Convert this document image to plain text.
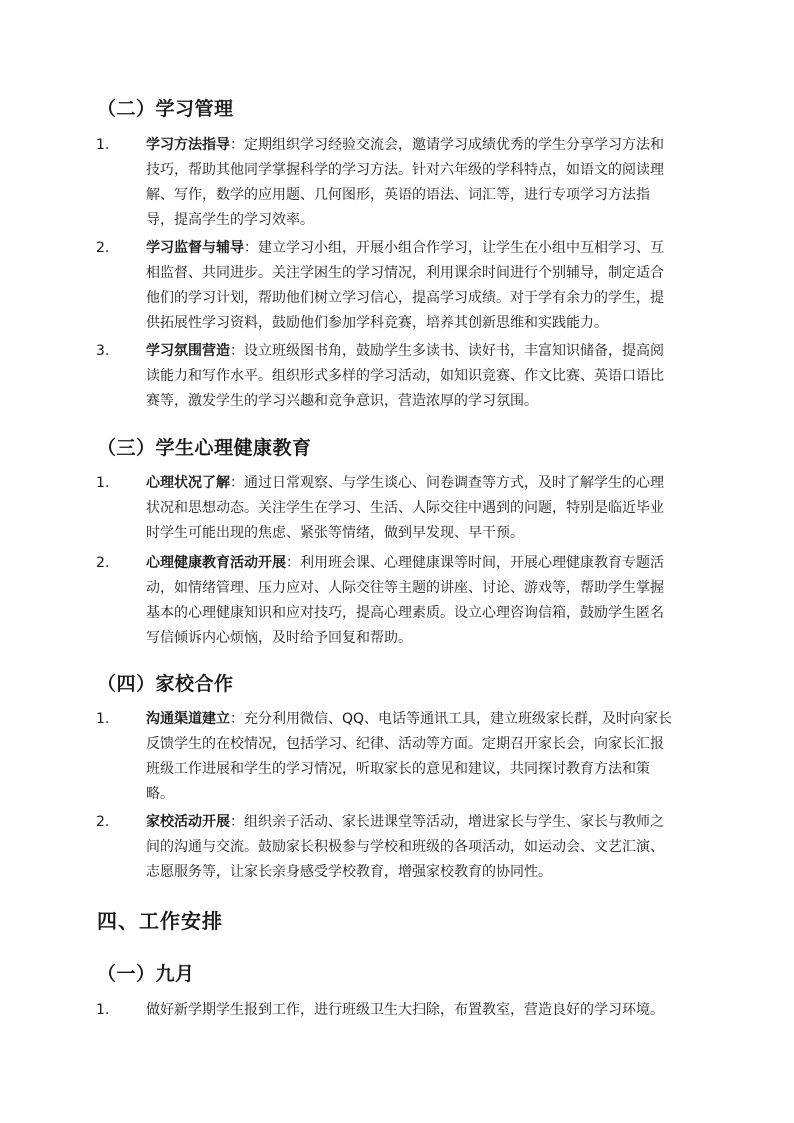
（二）学习管理
1.	学习方法指导：定期组织学习经验交流会，邀请学习成绩优秀的学生分享学习方法和
技巧，帮助其他同学掌握科学的学习方法。针对六年级的学科特点，如语文的阅读理
解、写作，数学的应用题、几何图形，英语的语法、词汇等，进行专项学习方法指
导，提高学生的学习效率。
2.	学习监督与辅导：建立学习小组，开展小组合作学习，让学生在小组中互相学习、互
相监督、共同进步。关注学困生的学习情况，利用课余时间进行个别辅导，制定适合
他们的学习计划，帮助他们树立学习信心，提高学习成绩。对于学有余力的学生，提
供拓展性学习资料，鼓励他们参加学科竞赛，培养其创新思维和实践能力。
3.	学习氛围营造：设立班级图书角，鼓励学生多读书、读好书，丰富知识储备，提高阅
读能力和写作水平。组织形式多样的学习活动，如知识竞赛、作文比赛、英语口语比
赛等，激发学生的学习兴趣和竞争意识，营造浓厚的学习氛围。
（三）学生心理健康教育
1.	心理状况了解：通过日常观察、与学生谈心、问卷调查等方式，及时了解学生的心理
状况和思想动态。关注学生在学习、生活、人际交往中遇到的问题，特别是临近毕业
时学生可能出现的焦虑、紧张等情绪，做到早发现、早干预。
2.	心理健康教育活动开展：利用班会课、心理健康课等时间，开展心理健康教育专题活
动，如情绪管理、压力应对、人际交往等主题的讲座、讨论、游戏等，帮助学生掌握
基本的心理健康知识和应对技巧，提高心理素质。设立心理咨询信箱，鼓励学生匿名
写信倾诉内心烦恼，及时给予回复和帮助。
（四）家校合作
1.	沟通渠道建立：充分利用微信、QQ、电话等通讯工具，建立班级家长群，及时向家长
反馈学生的在校情况，包括学习、纪律、活动等方面。定期召开家长会，向家长汇报
班级工作进展和学生的学习情况，听取家长的意见和建议，共同探讨教育方法和策
略。
2.	家校活动开展：组织亲子活动、家长进课堂等活动，增进家长与学生、家长与教师之
间的沟通与交流。鼓励家长积极参与学校和班级的各项活动，如运动会、文艺汇演、
志愿服务等，让家长亲身感受学校教育，增强家校教育的协同性。
四、工作安排
（一）九月
1.	做好新学期学生报到工作，进行班级卫生大扫除，布置教室，营造良好的学习环境。
